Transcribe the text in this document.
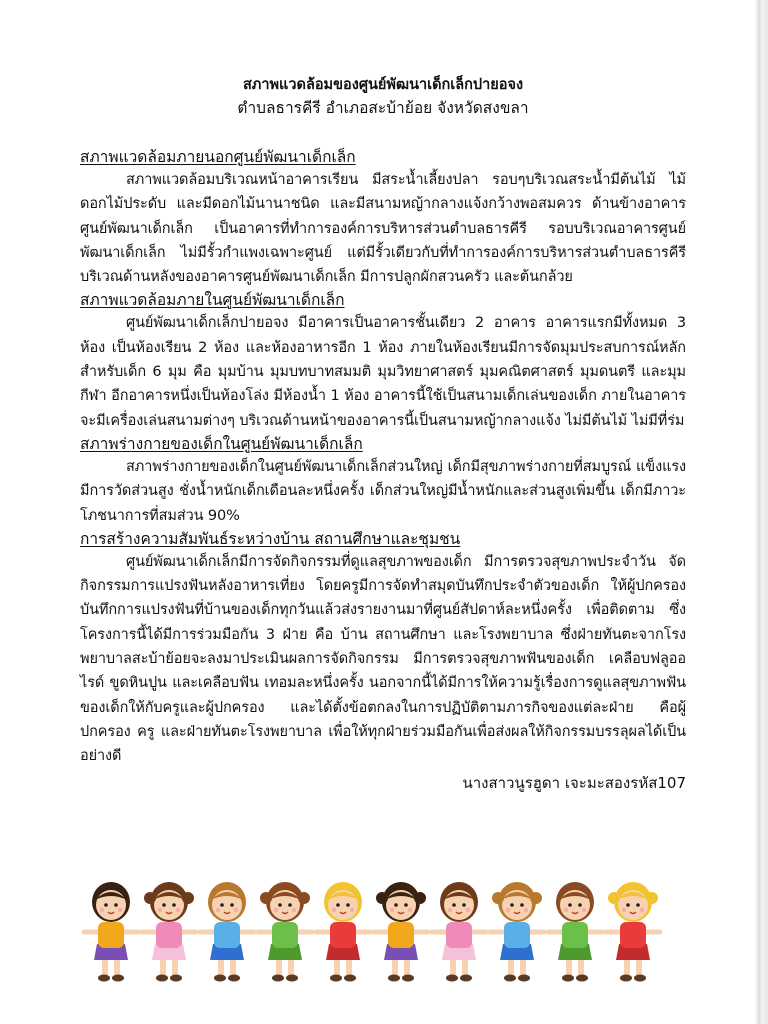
สภาพแวดล้อมของศูนย์พัฒนาเด็กเล็กปายอจง
ตำบลธารคีรี อำเภอสะบ้าย้อย จังหวัดสงขลา
สภาพแวดล้อมภายนอกศูนย์พัฒนาเด็กเล็ก

สภาพแวดล้อมบริเวณหน้าอาคารเรียน มีสระน้ำเลี้ยงปลา รอบๆบริเวณสระน้ำมีต้นไม้ ไม้ดอกไม้ประดับ และมีดอกไม้นานาชนิด และมีสนามหญ้ากลางแจ้งกว้างพอสมควร ด้านข้างอาคารศูนย์พัฒนาเด็กเล็ก เป็นอาคารที่ทำการองค์การบริหารส่วนตำบลธารคีรี รอบบริเวณอาคารศูนย์พัฒนาเด็กเล็ก ไม่มีรั้วกำแพงเฉพาะศูนย์ แต่มีรั้วเดียวกับที่ทำการองค์การบริหารส่วนตำบลธารคีรี บริเวณด้านหลังของอาคารศูนย์พัฒนาเด็กเล็ก มีการปลูกผักสวนครัว และต้นกล้วย

สภาพแวดล้อมภายในศูนย์พัฒนาเด็กเล็ก

ศูนย์พัฒนาเด็กเล็กปายอจง มีอาคารเป็นอาคารชั้นเดียว 2 อาคาร อาคารแรกมีทั้งหมด 3 ห้อง เป็นห้องเรียน 2 ห้อง และห้องอาหารอีก 1 ห้อง ภายในห้องเรียนมีการจัดมุมประสบการณ์หลักสำหรับเด็ก 6 มุม คือ มุมบ้าน มุมบทบาทสมมติ มุมวิทยาศาสตร์ มุมคณิตศาสตร์ มุมดนตรี และมุมกีฬา อีกอาคารหนึ่งเป็นห้องโล่ง มีห้องน้ำ 1 ห้อง อาคารนี้ใช้เป็นสนามเด็กเล่นของเด็ก ภายในอาคารจะมีเครื่องเล่นสนามต่างๆ บริเวณด้านหน้าของอาคารนี้เป็นสนามหญ้ากลางแจ้ง ไม่มีต้นไม้ ไม่มีที่ร่ม

สภาพร่างกายของเด็กในศูนย์พัฒนาเด็กเล็ก

สภาพร่างกายของเด็กในศูนย์พัฒนาเด็กเล็กส่วนใหญ่ เด็กมีสุขภาพร่างกายที่สมบูรณ์ แข็งแรง มีการวัดส่วนสูง ชั่งน้ำหนักเด็กเดือนละหนึ่งครั้ง เด็กส่วนใหญ่มีน้ำหนักและส่วนสูงเพิ่มขึ้น เด็กมีภาวะโภชนาการที่สมส่วน 90%

การสร้างความสัมพันธ์ระหว่างบ้าน สถานศึกษาและชุมชน

ศูนย์พัฒนาเด็กเล็กมีการจัดกิจกรรมที่ดูแลสุขภาพของเด็ก มีการตรวจสุขภาพประจำวัน จัดกิจกรรมการแปรงฟันหลังอาหารเที่ยง โดยครูมีการจัดทำสมุดบันทึกประจำตัวของเด็ก ให้ผู้ปกครองบันทึกการแปรงฟันที่บ้านของเด็กทุกวันแล้วส่งรายงานมาที่ศูนย์สัปดาห์ละหนึ่งครั้ง เพื่อติดตาม ซึ่งโครงการนี้ได้มีการร่วมมือกัน 3 ฝ่าย คือ บ้าน สถานศึกษา และโรงพยาบาล ซึ่งฝ่ายทันตะจากโรงพยาบาลสะบ้าย้อยจะลงมาประเมินผลการจัดกิจกรรม มีการตรวจสุขภาพฟันของเด็ก เคลือบฟลูออไรด์ ขูดหินปูน และเคลือบฟัน เทอมละหนึ่งครั้ง นอกจากนี้ได้มีการให้ความรู้เรื่องการดูแลสุขภาพฟันของเด็กให้กับครูและผู้ปกครอง และได้ตั้งข้อตกลงในการปฏิบัติตามภารกิจของแต่ละฝ่าย คือผู้ปกครอง ครู และฝ่ายทันตะโรงพยาบาล เพื่อให้ทุกฝ่ายร่วมมือกันเพื่อส่งผลให้กิจกรรมบรรลุผลได้เป็นอย่างดี

นางสาวนูรฮูดา เจะมะสองรหัส107
